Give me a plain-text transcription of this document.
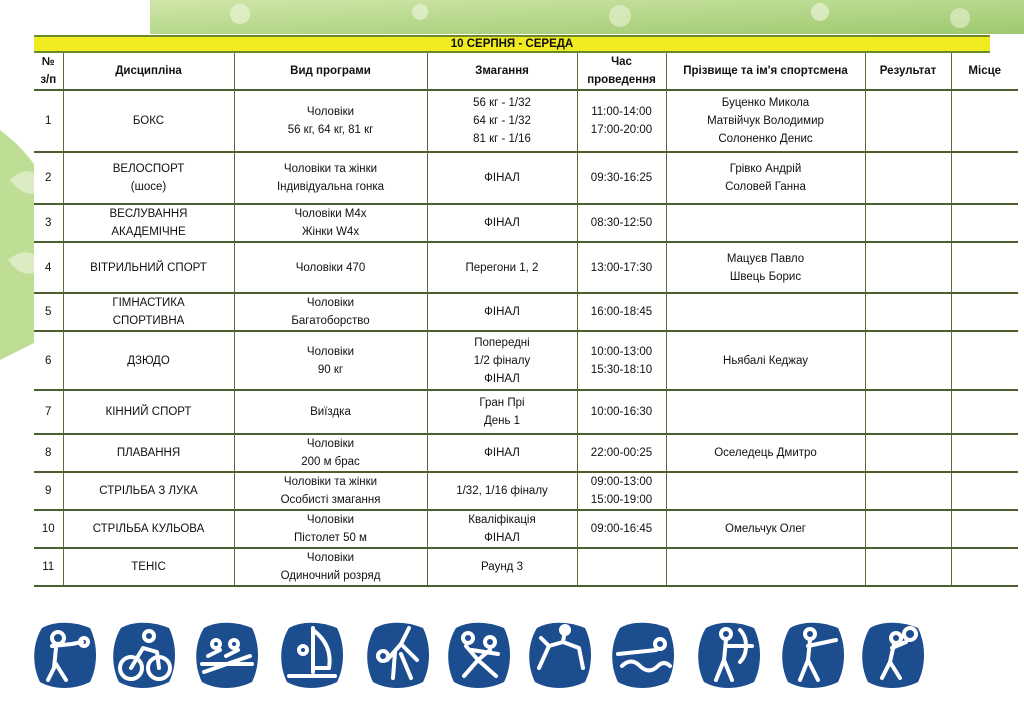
10 СЕРПНЯ - СЕРЕДА
№ з/п	Дисципліна	Вид програми	Змагання	Час проведення	Прізвище та ім'я спортсмена	Результат	Місце
1	БОКС	Чоловіки
56 кг, 64 кг, 81 кг	56 кг - 1/32
64 кг - 1/32
81 кг - 1/16	11:00-14:00
17:00-20:00	Буценко Микола
Матвійчук Володимир
Солоненко Денис		

2	ВЕЛОСПОРТ
(шосе)	Чоловіки та жінки
Індивідуальна гонка	ФІНАЛ	09:30-16:25	Грівко Андрій
Соловей Ганна		

3	ВЕСЛУВАННЯ
АКАДЕМІЧНЕ	Чоловіки М4х
Жінки W4x	ФІНАЛ	08:30-12:50			

4	ВІТРИЛЬНИЙ СПОРТ	Чоловіки 470	Перегони 1, 2	13:00-17:30	Мацуєв Павло
Швець Борис		

5	ГІМНАСТИКА
СПОРТИВНА	Чоловіки
Багатоборство	ФІНАЛ	16:00-18:45			

6	ДЗЮДО	Чоловіки
90 кг	Попередні
1/2 фіналу
ФІНАЛ	10:00-13:00
15:30-18:10	Ньябалі Кеджау		

7	КІННИЙ СПОРТ	Виїздка	Гран Прі
День 1	10:00-16:30			

8	ПЛАВАННЯ	Чоловіки
200 м брас	ФІНАЛ	22:00-00:25	Оселедець Дмитро		

9	СТРІЛЬБА З ЛУКА	Чоловіки та жінки
Особисті змагання	1/32, 1/16 фіналу	09:00-13:00
15:00-19:00			

10	СТРІЛЬБА КУЛЬОВА	Чоловіки
Пістолет 50 м	Кваліфікація
ФІНАЛ	09:00-16:45	Омельчук Олег		

11	ТЕНІС	Чоловіки
Одиночний розряд	Раунд 3				
